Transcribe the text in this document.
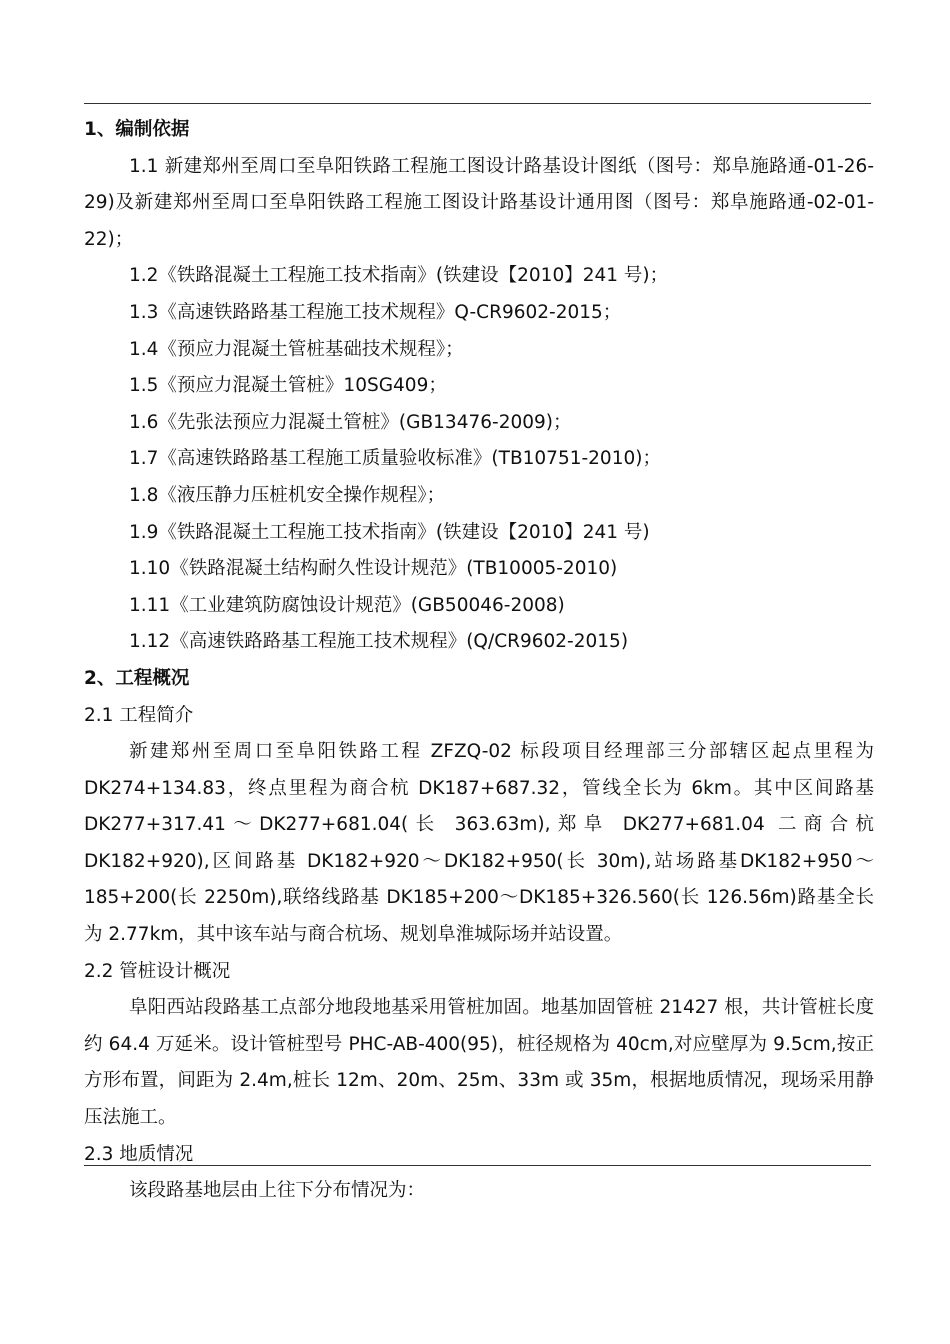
1、编制依据
1.1 新建郑州至周口至阜阳铁路工程施工图设计路基设计图纸（图号：郑阜施路通-01-26-29)及新建郑州至周口至阜阳铁路工程施工图设计路基设计通用图（图号：郑阜施路通-02-01-22)；
1.2《铁路混凝土工程施工技术指南》(铁建设【2010】241 号)；
1.3《高速铁路路基工程施工技术规程》Q-CR9602-2015；
1.4《预应力混凝土管桩基础技术规程》；
1.5《预应力混凝土管桩》10SG409；
1.6《先张法预应力混凝土管桩》(GB13476-2009)；
1.7《高速铁路路基工程施工质量验收标准》(TB10751-2010)；
1.8《液压静力压桩机安全操作规程》；
1.9《铁路混凝土工程施工技术指南》(铁建设【2010】241 号)
1.10《铁路混凝土结构耐久性设计规范》(TB10005-2010)
1.11《工业建筑防腐蚀设计规范》(GB50046-2008)
1.12《高速铁路路基工程施工技术规程》(Q/CR9602-2015)
2、工程概况
2.1 工程简介
新建郑州至周口至阜阳铁路工程 ZFZQ-02 标段项目经理部三分部辖区起点里程为DK274+134.83，终点里程为商合杭 DK187+687.32，管线全长为 6km。其中区间路基 DK277+317.41～DK277+681.04(长 363.63m),郑阜 DK277+681.04 二商合杭 DK182+920),区间路基 DK182+920～DK182+950(长 30m),站场路基DK182+950～185+200(长 2250m),联络线路基 DK185+200～DK185+326.560(长 126.56m)路基全长为 2.77km，其中该车站与商合杭场、规划阜淮城际场并站设置。
2.2 管桩设计概况
阜阳西站段路基工点部分地段地基采用管桩加固。地基加固管桩 21427 根，共计管桩长度约 64.4 万延米。设计管桩型号 PHC-AB-400(95)，桩径规格为 40cm,对应壁厚为 9.5cm,按正方形布置，间距为 2.4m,桩长 12m、20m、25m、33m 或 35m，根据地质情况，现场采用静压法施工。
2.3 地质情况
该段路基地层由上往下分布情况为：
